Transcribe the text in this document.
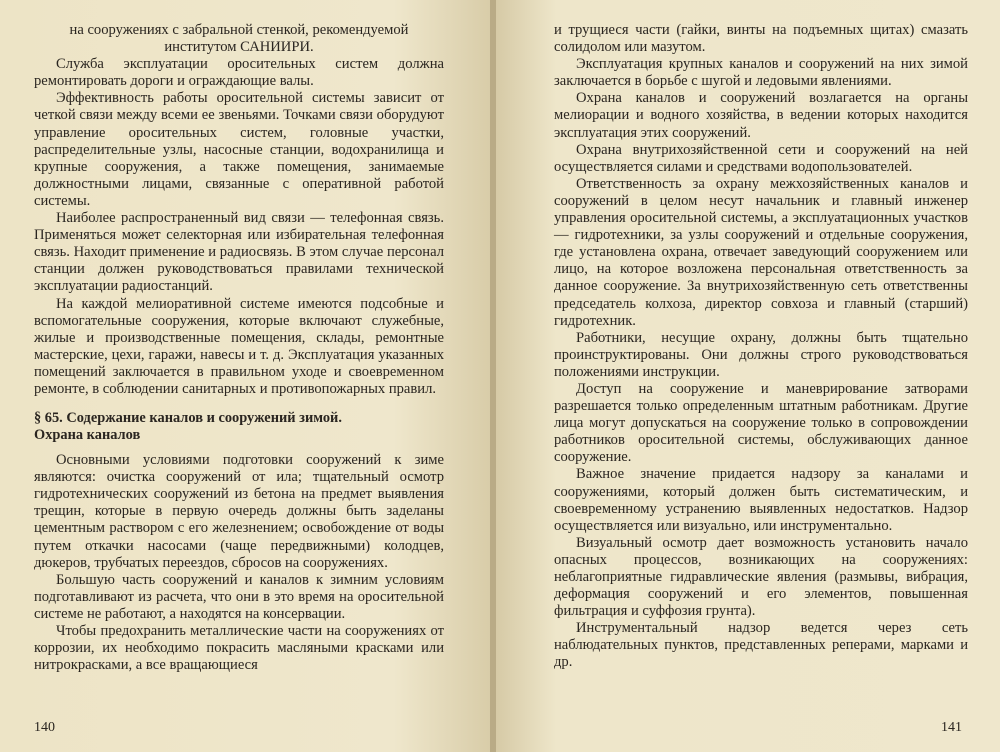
на сооружениях с забральной стенкой, рекомендуемой институтом САНИИРИ.

Служба эксплуатации оросительных систем должна ремонтировать дороги и ограждающие валы.

Эффективность работы оросительной системы зависит от четкой связи между всеми ее звеньями. Точками связи оборудуют управление оросительных систем, головные участки, распределительные узлы, насосные станции, водохранилища и крупные сооружения, а также помещения, занимаемые должностными лицами, связанные с оперативной работой системы.

Наиболее распространенный вид связи — телефонная связь. Применяться может селекторная или избирательная телефонная связь. Находит применение и радиосвязь. В этом случае персонал станции должен руководствоваться правилами технической эксплуатации радиостанций.

На каждой мелиоративной системе имеются подсобные и вспомогательные сооружения, которые включают служебные, жилые и производственные помещения, склады, ремонтные мастерские, цехи, гаражи, навесы и т. д. Эксплуатация указанных помещений заключается в правильном уходе и своевременном ремонте, в соблюдении санитарных и противопожарных правил.

§ 65. Содержание каналов и сооружений зимой.
Охрана каналов

Основными условиями подготовки сооружений к зиме являются: очистка сооружений от ила; тщательный осмотр гидротехнических сооружений из бетона на предмет выявления трещин, которые в первую очередь должны быть заделаны цементным раствором с его железнением; освобождение от воды путем откачки насосами (чаще передвижными) колодцев, дюкеров, трубчатых переездов, сбросов на сооружениях.

Большую часть сооружений и каналов к зимним условиям подготавливают из расчета, что они в это время на оросительной системе не работают, а находятся на консервации.

Чтобы предохранить металлические части на сооружениях от коррозии, их необходимо покрасить масляными красками или нитрокрасками, а все вращающиеся

140

и трущиеся части (гайки, винты на подъемных щитах) смазать солидолом или мазутом.

Эксплуатация крупных каналов и сооружений на них зимой заключается в борьбе с шугой и ледовыми явлениями.

Охрана каналов и сооружений возлагается на органы мелиорации и водного хозяйства, в ведении которых находится эксплуатация этих сооружений.

Охрана внутрихозяйственной сети и сооружений на ней осуществляется силами и средствами водопользователей.

Ответственность за охрану межхозяйственных каналов и сооружений в целом несут начальник и главный инженер управления оросительной системы, а эксплуатационных участков — гидротехники, за узлы сооружений и отдельные сооружения, где установлена охрана, отвечает заведующий сооружением или лицо, на которое возложена персональная ответственность за данное сооружение. За внутрихозяйственную сеть ответственны председатель колхоза, директор совхоза и главный (старший) гидротехник.

Работники, несущие охрану, должны быть тщательно проинструктированы. Они должны строго руководствоваться положениями инструкции.

Доступ на сооружение и маневрирование затворами разрешается только определенным штатным работникам. Другие лица могут допускаться на сооружение только в сопровождении работников оросительной системы, обслуживающих данное сооружение.

Важное значение придается надзору за каналами и сооружениями, который должен быть систематическим, и своевременному устранению выявленных недостатков. Надзор осуществляется или визуально, или инструментально.

Визуальный осмотр дает возможность установить начало опасных процессов, возникающих на сооружениях: неблагоприятные гидравлические явления (размывы, вибрация, деформация сооружений и его элементов, повышенная фильтрация и суффозия грунта).

Инструментальный надзор ведется через сеть наблюдательных пунктов, представленных реперами, марками и др.

141
